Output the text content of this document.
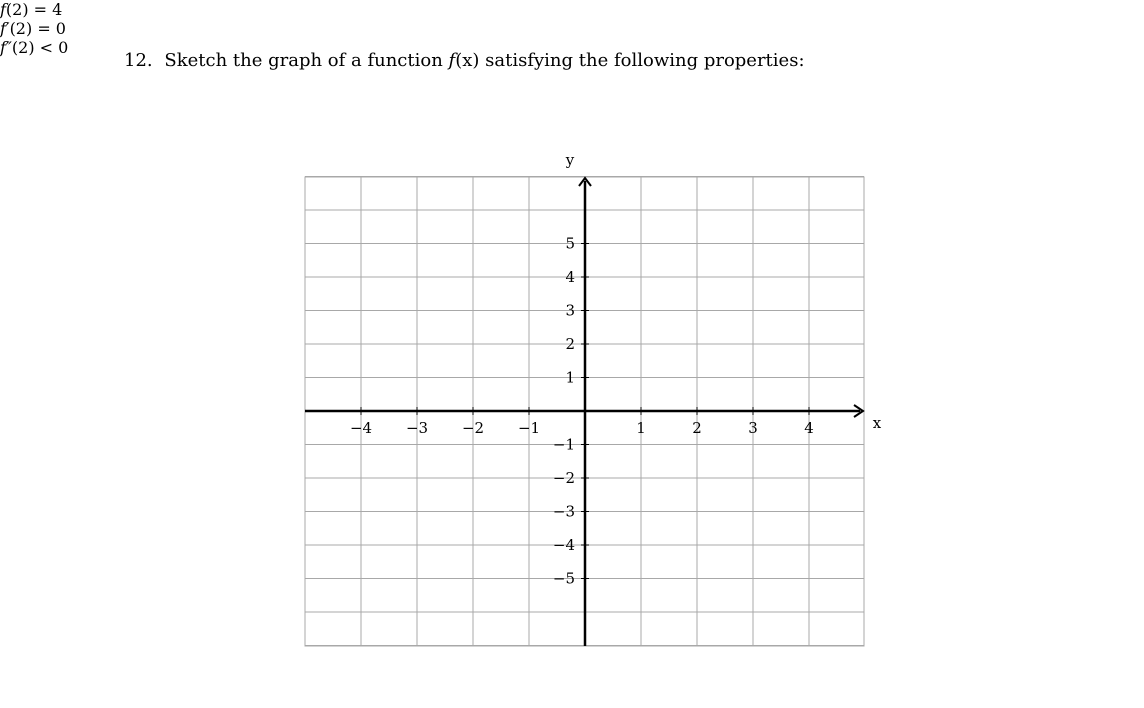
12. Sketch the graph of a function f(x) satisfying the following properties:
f(2) = 4
f′(2) = 0
f″(2) < 0
x
y
−4 −3 −2 −1	1	2	3	4
5
4
3
2
1
−1
−2
−3
−4
−5
